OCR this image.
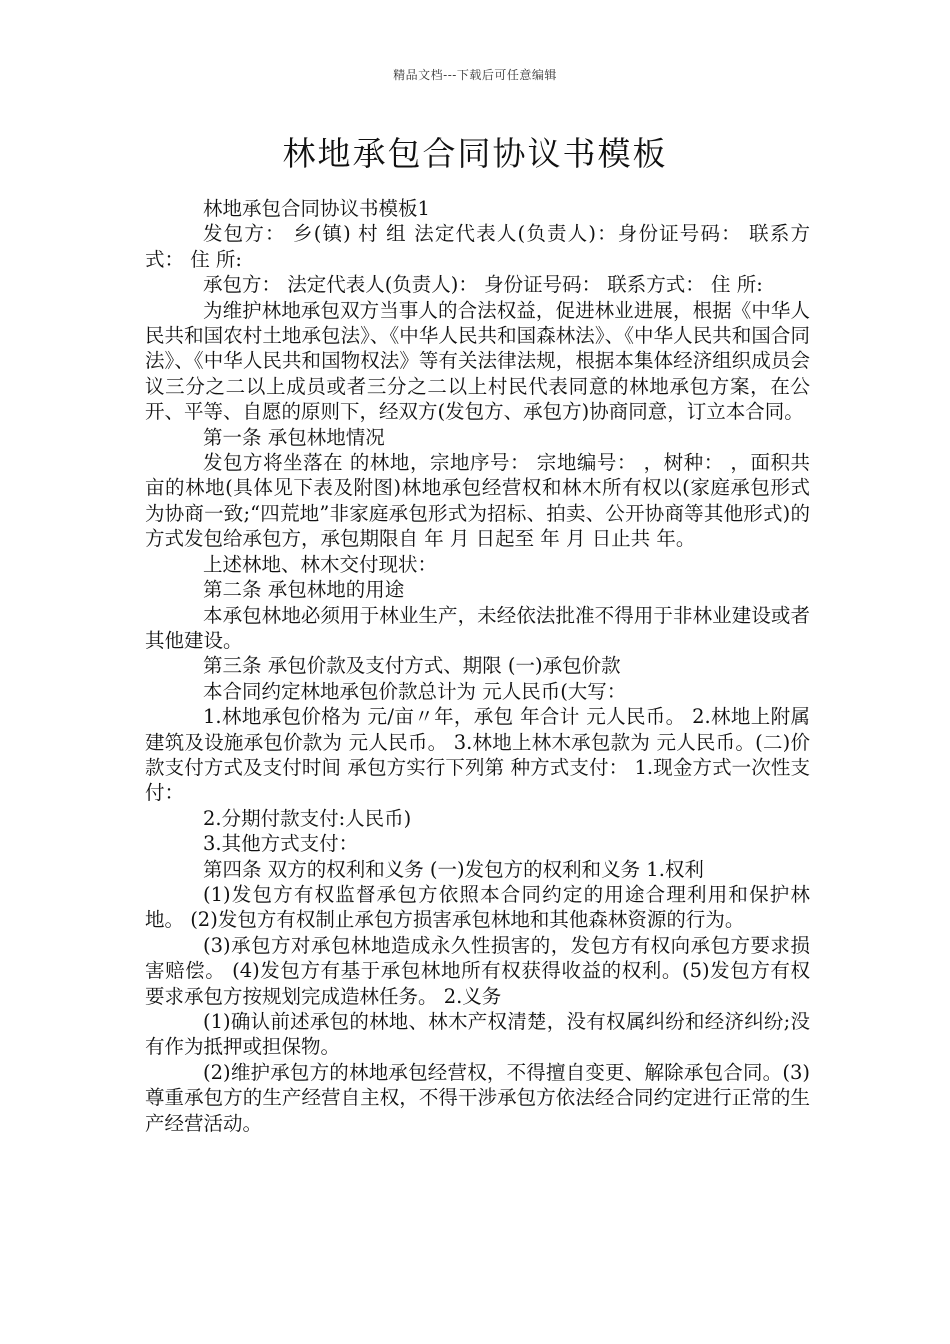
精品文档---下载后可任意编辑
林地承包合同协议书模板

林地承包合同协议书模板1

发包方： 乡(镇) 村 组 法定代表人(负责人)：身份证号码： 联系方式： 住 所:

承包方： 法定代表人(负责人)： 身份证号码： 联系方式： 住 所:

为维护林地承包双方当事人的合法权益，促进林业进展，根据《中华人民共和国农村土地承包法》、《中华人民共和国森林法》、《中华人民共和国合同法》、《中华人民共和国物权法》等有关法律法规，根据本集体经济组织成员会议三分之二以上成员或者三分之二以上村民代表同意的林地承包方案，在公开、平等、自愿的原则下，经双方(发包方、承包方)协商同意，订立本合同。

第一条 承包林地情况

发包方将坐落在 的林地，宗地序号： 宗地编号： ，树种： ，面积共 亩的林地(具体见下表及附图)林地承包经营权和林木所有权以(家庭承包形式为协商一致;“四荒地”非家庭承包形式为招标、拍卖、公开协商等其他形式)的方式发包给承包方，承包期限自 年 月 日起至 年 月 日止共 年。

上述林地、林木交付现状：

第二条 承包林地的用途

本承包林地必须用于林业生产，未经依法批准不得用于非林业建设或者其他建设。

第三条 承包价款及支付方式、期限 (一)承包价款

本合同约定林地承包价款总计为 元人民币(大写：

1.林地承包价格为 元/亩〃年，承包 年合计 元人民币。 2.林地上附属建筑及设施承包价款为 元人民币。 3.林地上林木承包款为 元人民币。(二)价款支付方式及支付时间 承包方实行下列第 种方式支付： 1.现金方式一次性支付：

2.分期付款支付:人民币)

3.其他方式支付：

第四条 双方的权利和义务 (一)发包方的权利和义务 1.权利

(1)发包方有权监督承包方依照本合同约定的用途合理利用和保护林地。 (2)发包方有权制止承包方损害承包林地和其他森林资源的行为。

(3)承包方对承包林地造成永久性损害的，发包方有权向承包方要求损害赔偿。 (4)发包方有基于承包林地所有权获得收益的权利。(5)发包方有权要求承包方按规划完成造林任务。 2.义务

(1)确认前述承包的林地、林木产权清楚，没有权属纠纷和经济纠纷;没有作为抵押或担保物。

(2)维护承包方的林地承包经营权，不得擅自变更、解除承包合同。(3)尊重承包方的生产经营自主权，不得干涉承包方依法经合同约定进行正常的生产经营活动。
